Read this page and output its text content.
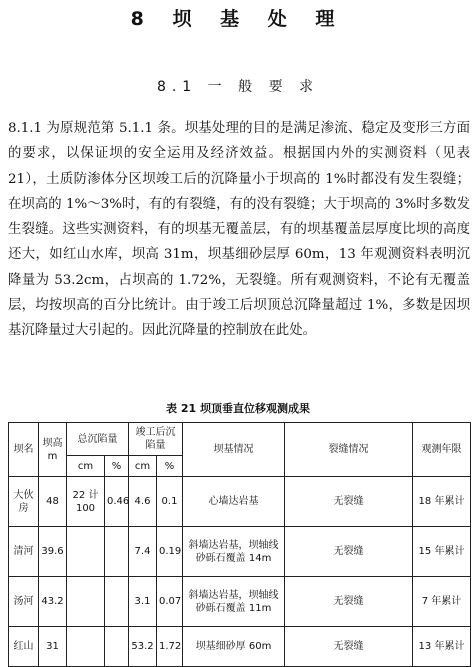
8 坝 基 处 理
8.1 一 般 要 求

8.1.1 为原规范第 5.1.1 条。坝基处理的目的是满足渗流、稳定及变形三方面的要求，以保证坝的安全运用及经济效益。根据国内外的实测资料（见表 21），土质防渗体分区坝竣工后的沉降量小于坝高的 1%时都没有发生裂缝；在坝高的 1%～3%时，有的有裂缝，有的没有裂缝；大于坝高的 3%时多数发生裂缝。这些实测资料，有的坝基无覆盖层，有的坝基覆盖层厚度比坝的高度还大，如红山水库，坝高 31m，坝基细砂层厚 60m，13 年观测资料表明沉降量为 53.2cm，占坝高的 1.72%，无裂缝。所有观测资料，不论有无覆盖层，均按坝高的百分比统计。由于竣工后坝顶总沉降量超过 1%，多数是因坝基沉降量过大引起的。因此沉降量的控制放在此处。

表 21 坝顶垂直位移观测成果
坝名	坝高 m	总沉陷量		竣工后沉陷量		坝基情况	裂缝情况	观测年限
		cm	%	cm	%			
大伙房	48	22 计 100	0.46	4.6	0.1	心墙达岩基	无裂缝	18 年累计
清河	39.6			7.4	0.19	斜墙达岩基，坝轴线砂砾石覆盖 14m	无裂缝	15 年累计
汤河	43.2			3.1	0.07	斜墙达岩基，坝轴线砂砾石覆盖 11m	无裂缝	7 年累计
红山	31			53.2	1.72	坝基细砂厚 60m	无裂缝	13 年累计
